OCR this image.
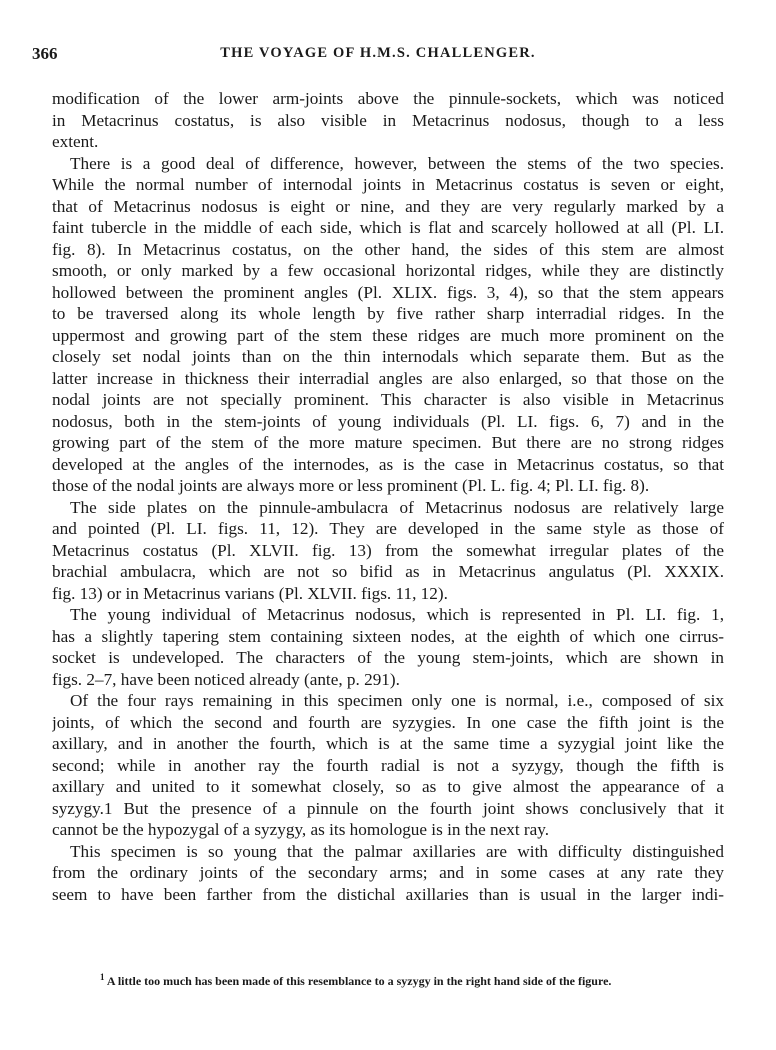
366	THE VOYAGE OF H.M.S. CHALLENGER.
modification of the lower arm-joints above the pinnule-sockets, which was noticed
in Metacrinus costatus, is also visible in Metacrinus nodosus, though to a less
extent.
There is a good deal of difference, however, between the stems of the two species.
While the normal number of internodal joints in Metacrinus costatus is seven or eight,
that of Metacrinus nodosus is eight or nine, and they are very regularly marked by a
faint tubercle in the middle of each side, which is flat and scarcely hollowed at all (Pl. LI.
fig. 8). In Metacrinus costatus, on the other hand, the sides of this stem are almost
smooth, or only marked by a few occasional horizontal ridges, while they are distinctly
hollowed between the prominent angles (Pl. XLIX. figs. 3, 4), so that the stem appears
to be traversed along its whole length by five rather sharp interradial ridges. In the
uppermost and growing part of the stem these ridges are much more prominent on the
closely set nodal joints than on the thin internodals which separate them. But as the
latter increase in thickness their interradial angles are also enlarged, so that those on the
nodal joints are not specially prominent. This character is also visible in Metacrinus
nodosus, both in the stem-joints of young individuals (Pl. LI. figs. 6, 7) and in the
growing part of the stem of the more mature specimen. But there are no strong ridges
developed at the angles of the internodes, as is the case in Metacrinus costatus, so that
those of the nodal joints are always more or less prominent (Pl. L. fig. 4; Pl. LI. fig. 8).
The side plates on the pinnule-ambulacra of Metacrinus nodosus are relatively large
and pointed (Pl. LI. figs. 11, 12). They are developed in the same style as those of
Metacrinus costatus (Pl. XLVII. fig. 13) from the somewhat irregular plates of the
brachial ambulacra, which are not so bifid as in Metacrinus angulatus (Pl. XXXIX.
fig. 13) or in Metacrinus varians (Pl. XLVII. figs. 11, 12).
The young individual of Metacrinus nodosus, which is represented in Pl. LI. fig. 1,
has a slightly tapering stem containing sixteen nodes, at the eighth of which one cirrus-
socket is undeveloped. The characters of the young stem-joints, which are shown in
figs. 2–7, have been noticed already (ante, p. 291).
Of the four rays remaining in this specimen only one is normal, i.e., composed of six
joints, of which the second and fourth are syzygies. In one case the fifth joint is the
axillary, and in another the fourth, which is at the same time a syzygial joint like the
second; while in another ray the fourth radial is not a syzygy, though the fifth is
axillary and united to it somewhat closely, so as to give almost the appearance of a
syzygy.1 But the presence of a pinnule on the fourth joint shows conclusively that it
cannot be the hypozygal of a syzygy, as its homologue is in the next ray.
This specimen is so young that the palmar axillaries are with difficulty distinguished
from the ordinary joints of the secondary arms; and in some cases at any rate they
seem to have been farther from the distichal axillaries than is usual in the larger indi-
$^1$ A little too much has been made of this resemblance to a syzygy in the right hand side of the figure.
